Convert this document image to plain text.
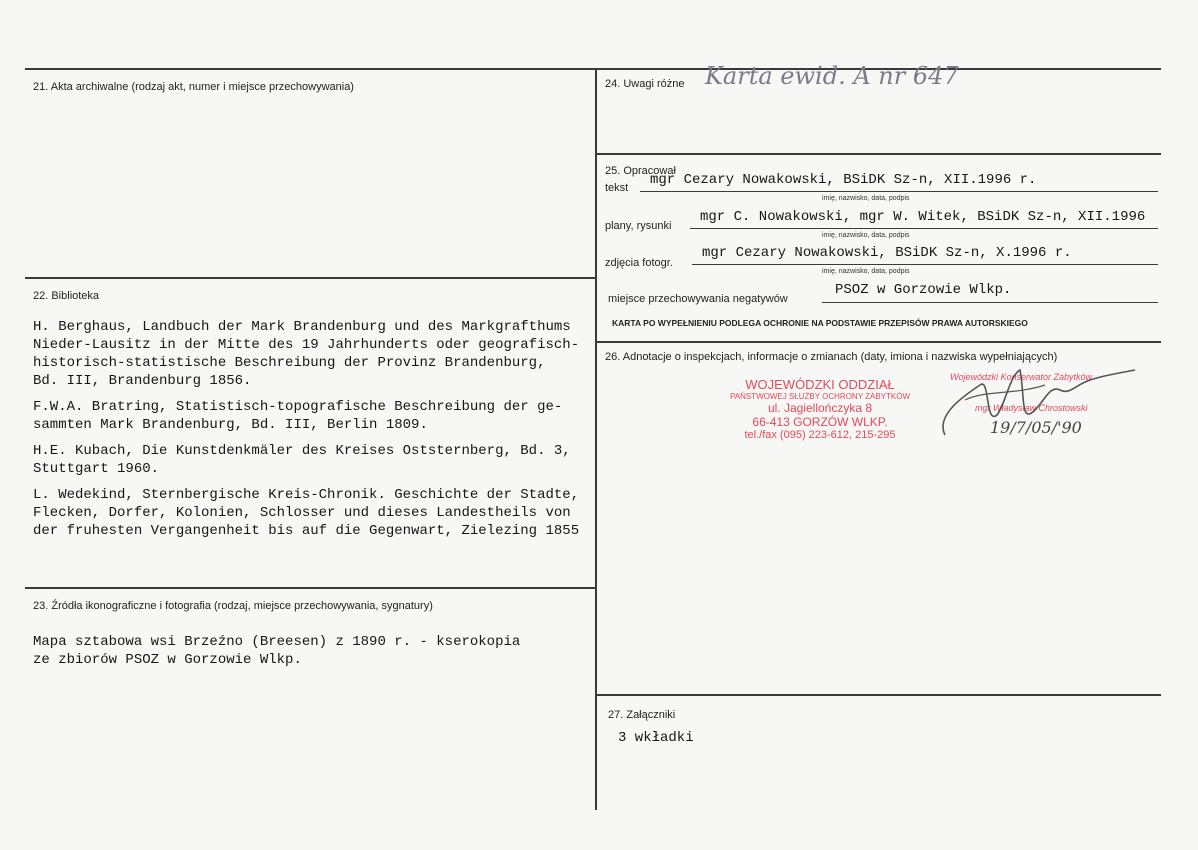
21. Akta archiwalne (rodzaj akt, numer i miejsce przechowywania)
22. Biblioteka

H. Berghaus, Landbuch der Mark Brandenburg und des Markgrafthums
Nieder-Lausitz in der Mitte des 19 Jahrhunderts oder geografisch-
historisch-statistische Beschreibung der Provinz Brandenburg,
Bd. III, Brandenburg 1856.

F.W.A. Bratring, Statistisch-topografische Beschreibung der ge-
sammten Mark Brandenburg, Bd. III, Berlin 1809.

H.E. Kubach, Die Kunstdenkmäler des Kreises Oststernberg, Bd. 3,
Stuttgart 1960.

L. Wedekind, Sternbergische Kreis-Chronik. Geschichte der Stadte,
Flecken, Dorfer, Kolonien, Schlosser und dieses Landestheils von
der fruhesten Vergangenheit bis auf die Gegenwart, Zielezing 1855

23. Źródła ikonograficzne i fotografia (rodzaj, miejsce przechowywania, sygnatury)
Mapa sztabowa wsi Brzeźno (Breesen) z 1890 r. - kserokopia
ze zbiorów PSOZ w Gorzowie Wlkp.
24. Uwagi różne Karta ewid. A nr 647
25. Opracował
tekst mgr Cezary Nowakowski, BSiDK Sz-n, XII.1996 r.
imię, nazwisko, data, podpis
plany, rysunki
mgr C. Nowakowski, mgr W. Witek, BSiDK Sz-n, XII.1996
imię, nazwisko, data, podpis
zdjęcia fotogr.
mgr Cezary Nowakowski, BSiDK Sz-n, X.1996 r.
imię, nazwisko, data, podpis
miejsce przechowywania negatywów
PSOZ w Gorzowie Wlkp.
KARTA PO WYPEŁNIENIU PODLEGA OCHRONIE NA PODSTAWIE PRZEPISÓW PRAWA AUTORSKIEGO
26. Adnotacje o inspekcjach, informacje o zmianach (daty, imiona i nazwiska wypełniających)
WOJEWÓDZKI ODDZIAŁ
PAŃSTWOWEJ SŁUŻBY OCHRONY ZABYTKÓW
ul. Jagiellończyka 8
66-413 GORZÓW WLKP.
tel./fax (095) 223-612, 215-295
Wojewódzki Konserwator Zabytków
mgr Władysław Chrostowski
19/7/05/'90
27. Załączniki
3 wkładki
